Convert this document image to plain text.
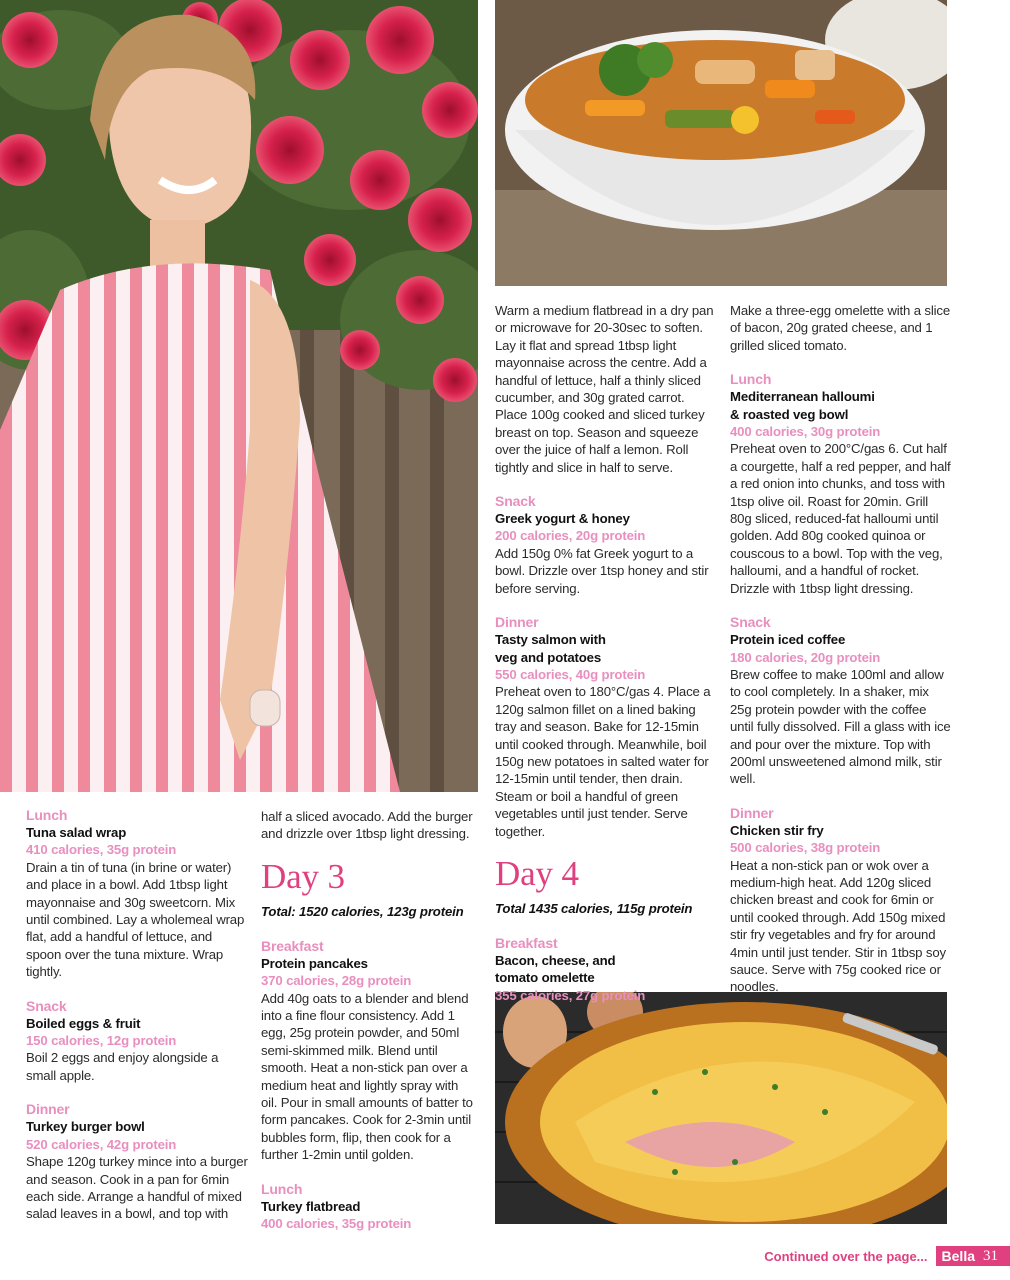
Lunch
Tuna salad wrap
410 calories, 35g protein

Drain a tin of tuna (in brine or water) and place in a bowl. Add 1tbsp light mayonnaise and 30g sweetcorn. Mix until combined. Lay a wholemeal wrap flat, add a handful of lettuce, and spoon over the tuna mixture. Wrap tightly.

Snack
Boiled eggs & fruit
150 calories, 12g protein

Boil 2 eggs and enjoy alongside a small apple.

Dinner
Turkey burger bowl
520 calories, 42g protein

Shape 120g turkey mince into a burger and season. Cook in a pan for 6min each side. Arrange a handful of mixed salad leaves in a bowl, and top with

half a sliced avocado. Add the burger and drizzle over 1tbsp light dressing.

Day 3
Total: 1520 calories, 123g protein
Breakfast
Protein pancakes
370 calories, 28g protein

Add 40g oats to a blender and blend into a fine flour consistency. Add 1 egg, 25g protein powder, and 50ml semi-skimmed milk. Blend until smooth. Heat a non-stick pan over a medium heat and lightly spray with oil. Pour in small amounts of batter to form pancakes. Cook for 2-3min until bubbles form, flip, then cook for a further 1-2min until golden.

Lunch
Turkey flatbread
400 calories, 35g protein

Warm a medium flatbread in a dry pan or microwave for 20-30sec to soften. Lay it flat and spread 1tbsp light mayonnaise across the centre. Add a handful of lettuce, half a thinly sliced cucumber, and 30g grated carrot. Place 100g cooked and sliced turkey breast on top. Season and squeeze over the juice of half a lemon. Roll tightly and slice in half to serve.

Snack
Greek yogurt & honey
200 calories, 20g protein

Add 150g 0% fat Greek yogurt to a bowl. Drizzle over 1tsp honey and stir before serving.

Dinner
Tasty salmon with
veg and potatoes
550 calories, 40g protein

Preheat oven to 180°C/gas 4. Place a 120g salmon fillet on a lined baking tray and season. Bake for 12-15min until cooked through. Meanwhile, boil 150g new potatoes in salted water for 12-15min until tender, then drain. Steam or boil a handful of green vegetables until just tender. Serve together.

Day 4
Total 1435 calories, 115g protein
Breakfast
Bacon, cheese, and
tomato omelette
355 calories, 27g protein

Make a three-egg omelette with a slice of bacon, 20g grated cheese, and 1 grilled sliced tomato.

Lunch
Mediterranean halloumi
& roasted veg bowl
400 calories, 30g protein

Preheat oven to 200°C/gas 6. Cut half a courgette, half a red pepper, and half a red onion into chunks, and toss with 1tsp olive oil. Roast for 20min. Grill 80g sliced, reduced-fat halloumi until golden. Add 80g cooked quinoa or couscous to a bowl. Top with the veg, halloumi, and a handful of rocket. Drizzle with 1tbsp light dressing.

Snack
Protein iced coffee
180 calories, 20g protein

Brew coffee to make 100ml and allow to cool completely. In a shaker, mix 25g protein powder with the coffee until fully dissolved. Fill a glass with ice and pour over the mixture. Top with 200ml unsweetened almond milk, stir well.

Dinner
Chicken stir fry
500 calories, 38g protein

Heat a non-stick pan or wok over a medium-high heat. Add 120g sliced chicken breast and cook for 6min or until cooked through. Add 150g mixed stir fry vegetables and fry for around 4min until just tender. Stir in 1tbsp soy sauce. Serve with 75g cooked rice or noodles.

Continued over the page...	Bella 31
